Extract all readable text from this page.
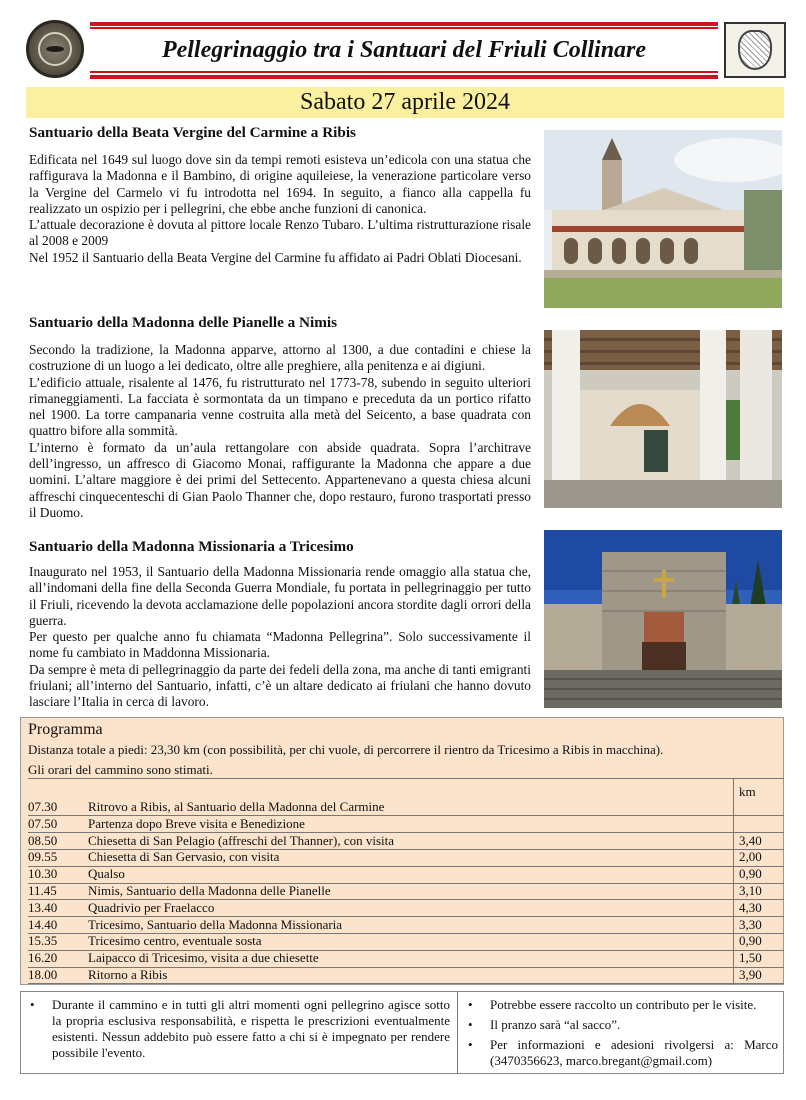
Pellegrinaggio tra i Santuari del Friuli Collinare
Sabato 27 aprile 2024
Santuario della Beata Vergine del Carmine a Ribis

Edificata nel 1649 sul luogo dove sin da tempi remoti esisteva un’edicola con una statua che raffigurava la Madonna e il Bambino, di origine aquileiese, la venerazione particolare verso la Vergine del Carmelo vi fu introdotta nel 1694. In seguito, a fianco alla cappella fu realizzato un ospizio per i pellegrini, che ebbe anche funzioni di canonica.

L’attuale decorazione è dovuta al pittore locale Renzo Tubaro. L’ultima ristrutturazione risale al 2008 e 2009

Nel 1952 il Santuario della Beata Vergine del Carmine fu affidato ai Padri Oblati Diocesani.

Santuario della Madonna delle Pianelle a Nimis

Secondo la tradizione, la Madonna apparve, attorno al 1300, a due contadini e chiese la costruzione di un luogo a lei dedicato, oltre alle preghiere, alla penitenza e ai digiuni.

L’edificio attuale, risalente al 1476, fu ristrutturato nel 1773-78, subendo in seguito ulteriori rimaneggiamenti. La facciata è sormontata da un timpano e preceduta da un portico rifatto nel 1900. La torre campanaria venne costruita alla metà del Seicento, a base quadrata con quattro bifore alla sommità.

L’interno è formato da un’aula rettangolare con abside quadrata. Sopra l’architrave dell’ingresso, un affresco di Giacomo Monai, raffigurante la Madonna che appare a due uomini. L’altare maggiore è dei primi del Settecento. Appartenevano a questa chiesa alcuni affreschi cinquecenteschi di Gian Paolo Thanner che, dopo restauro, furono trasportati presso il Duomo.

Santuario della Madonna Missionaria a Tricesimo

Inaugurato nel 1953, il Santuario della Madonna Missionaria rende omaggio alla statua che, all’indomani della fine della Seconda Guerra Mondiale, fu portata in pellegrinaggio per tutto il Friuli, ricevendo la devota acclamazione delle popolazioni ancora stordite dagli orrori della guerra.

Per questo per qualche anno fu chiamata “Madonna Pellegrina”. Solo successivamente il nome fu cambiato in Maddonna Missionaria.

Da sempre è meta di pellegrinaggio da parte dei fedeli della zona, ma anche di tanti emigranti friulani; all’interno del Santuario, infatti, c’è un altare dedicato ai friulani che hanno dovuto lasciare l’Italia in cerca di lavoro.

Programma
Distanza totale a piedi: 23,30 km (con possibilità, per chi vuole, di percorrere il rientro da Tricesimo a Ribis in macchina).
Gli orari del cammino sono stimati.
km
07.30 Ritrovo a Ribis, al Santuario della Madonna del Carmine
07.50 Partenza dopo Breve visita e Benedizione
08.50 Chiesetta di San Pelagio (affreschi del Thanner), con visita	3,40
09.55 Chiesetta di San Gervasio, con visita	2,00
10.30 Qualso	0,90
11.45 Nimis, Santuario della Madonna delle Pianelle	3,10
13.40 Quadrivio per Fraelacco	4,30
14.40 Tricesimo, Santuario della Madonna Missionaria	3,30
15.35 Tricesimo centro, eventuale sosta	0,90
16.20 Laipacco di Tricesimo, visita a due chiesette	1,50
18.00 Ritorno a Ribis	3,90
• Durante il cammino e in tutti gli altri momenti ogni pellegrino agisce sotto la propria esclusiva responsabilità, e rispetta le prescrizioni eventualmente esistenti. Nessun addebito può essere fatto a chi si è impegnato per rendere possibile l'evento.
• Potrebbe essere raccolto un contributo per le visite.
• Il pranzo sarà “al sacco”.
• Per informazioni e adesioni rivolgersi a: Marco (3470356623, marco.bregant@gmail.com)
